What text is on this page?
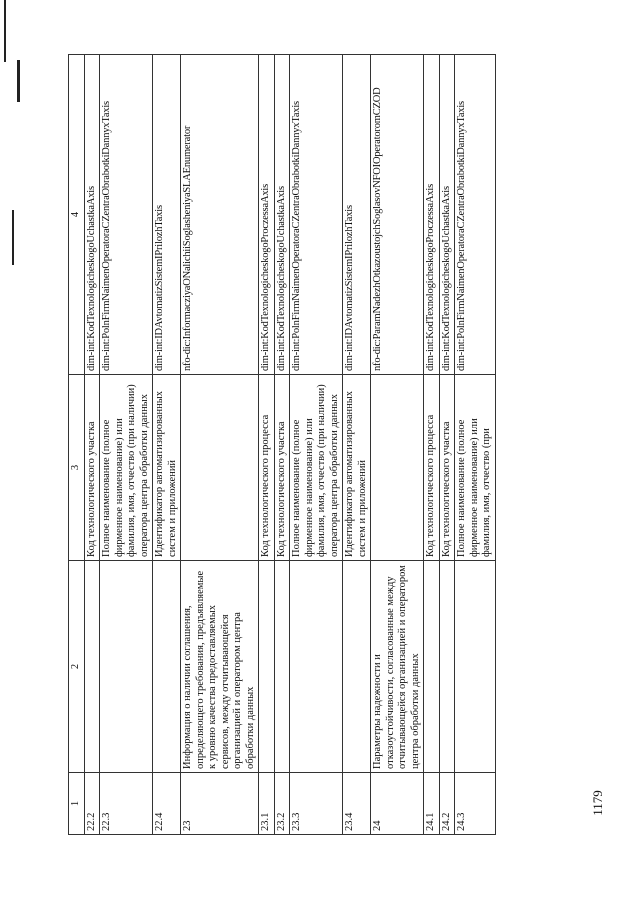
1179
1	2	3	4
22.2		Код технологического участка	dim-int:KodTexnologicheskogoUchastkaAxis
22.3		Полное наименование (полное фирменное наименование) или фамилия, имя, отчество (при наличии) оператора центра обработки данных	dim-int:PolnFirmNaimenOperatoraCZentraObrabotkiDannyxTaxis
22.4		Идентификатор автоматизированных систем и приложений	dim-int:IDAvtomatizSistemIPrilozhTaxis
23	Информация о наличии соглашения, определяющего требования, предъявляемые к уровню качества предоставляемых сервисов, между отчитывающейся организацией и оператором центра обработки данных		nfo-dic:InformacziyaONalichiiSoglasheniyaSLAEnumerator
23.1		Код технологического процесса	dim-int:KodTexnologicheskogoProczessaAxis
23.2		Код технологического участка	dim-int:KodTexnologicheskogoUchastkaAxis
23.3		Полное наименование (полное фирменное наименование) или фамилия, имя, отчество (при наличии) оператора центра обработки данных	dim-int:PolnFirmNaimenOperatoraCZentraObrabotkiDannyxTaxis
23.4		Идентификатор автоматизированных систем и приложений	dim-int:IDAvtomatizSistemIPrilozhTaxis
24	Параметры надежности и отказоустойчивости, согласованные между отчитывающейся организацией и оператором центра обработки данных		nfo-dic:ParamNadezhOtkazoustojchSoglasovNFOIOperatoromCZOD
24.1		Код технологического процесса	dim-int:KodTexnologicheskogoProczessaAxis
24.2		Код технологического участка	dim-int:KodTexnologicheskogoUchastkaAxis
24.3		Полное наименование (полное фирменное наименование) или фамилия, имя, отчество (при	dim-int:PolnFirmNaimenOperatoraCZentraObrabotkiDannyxTaxis
